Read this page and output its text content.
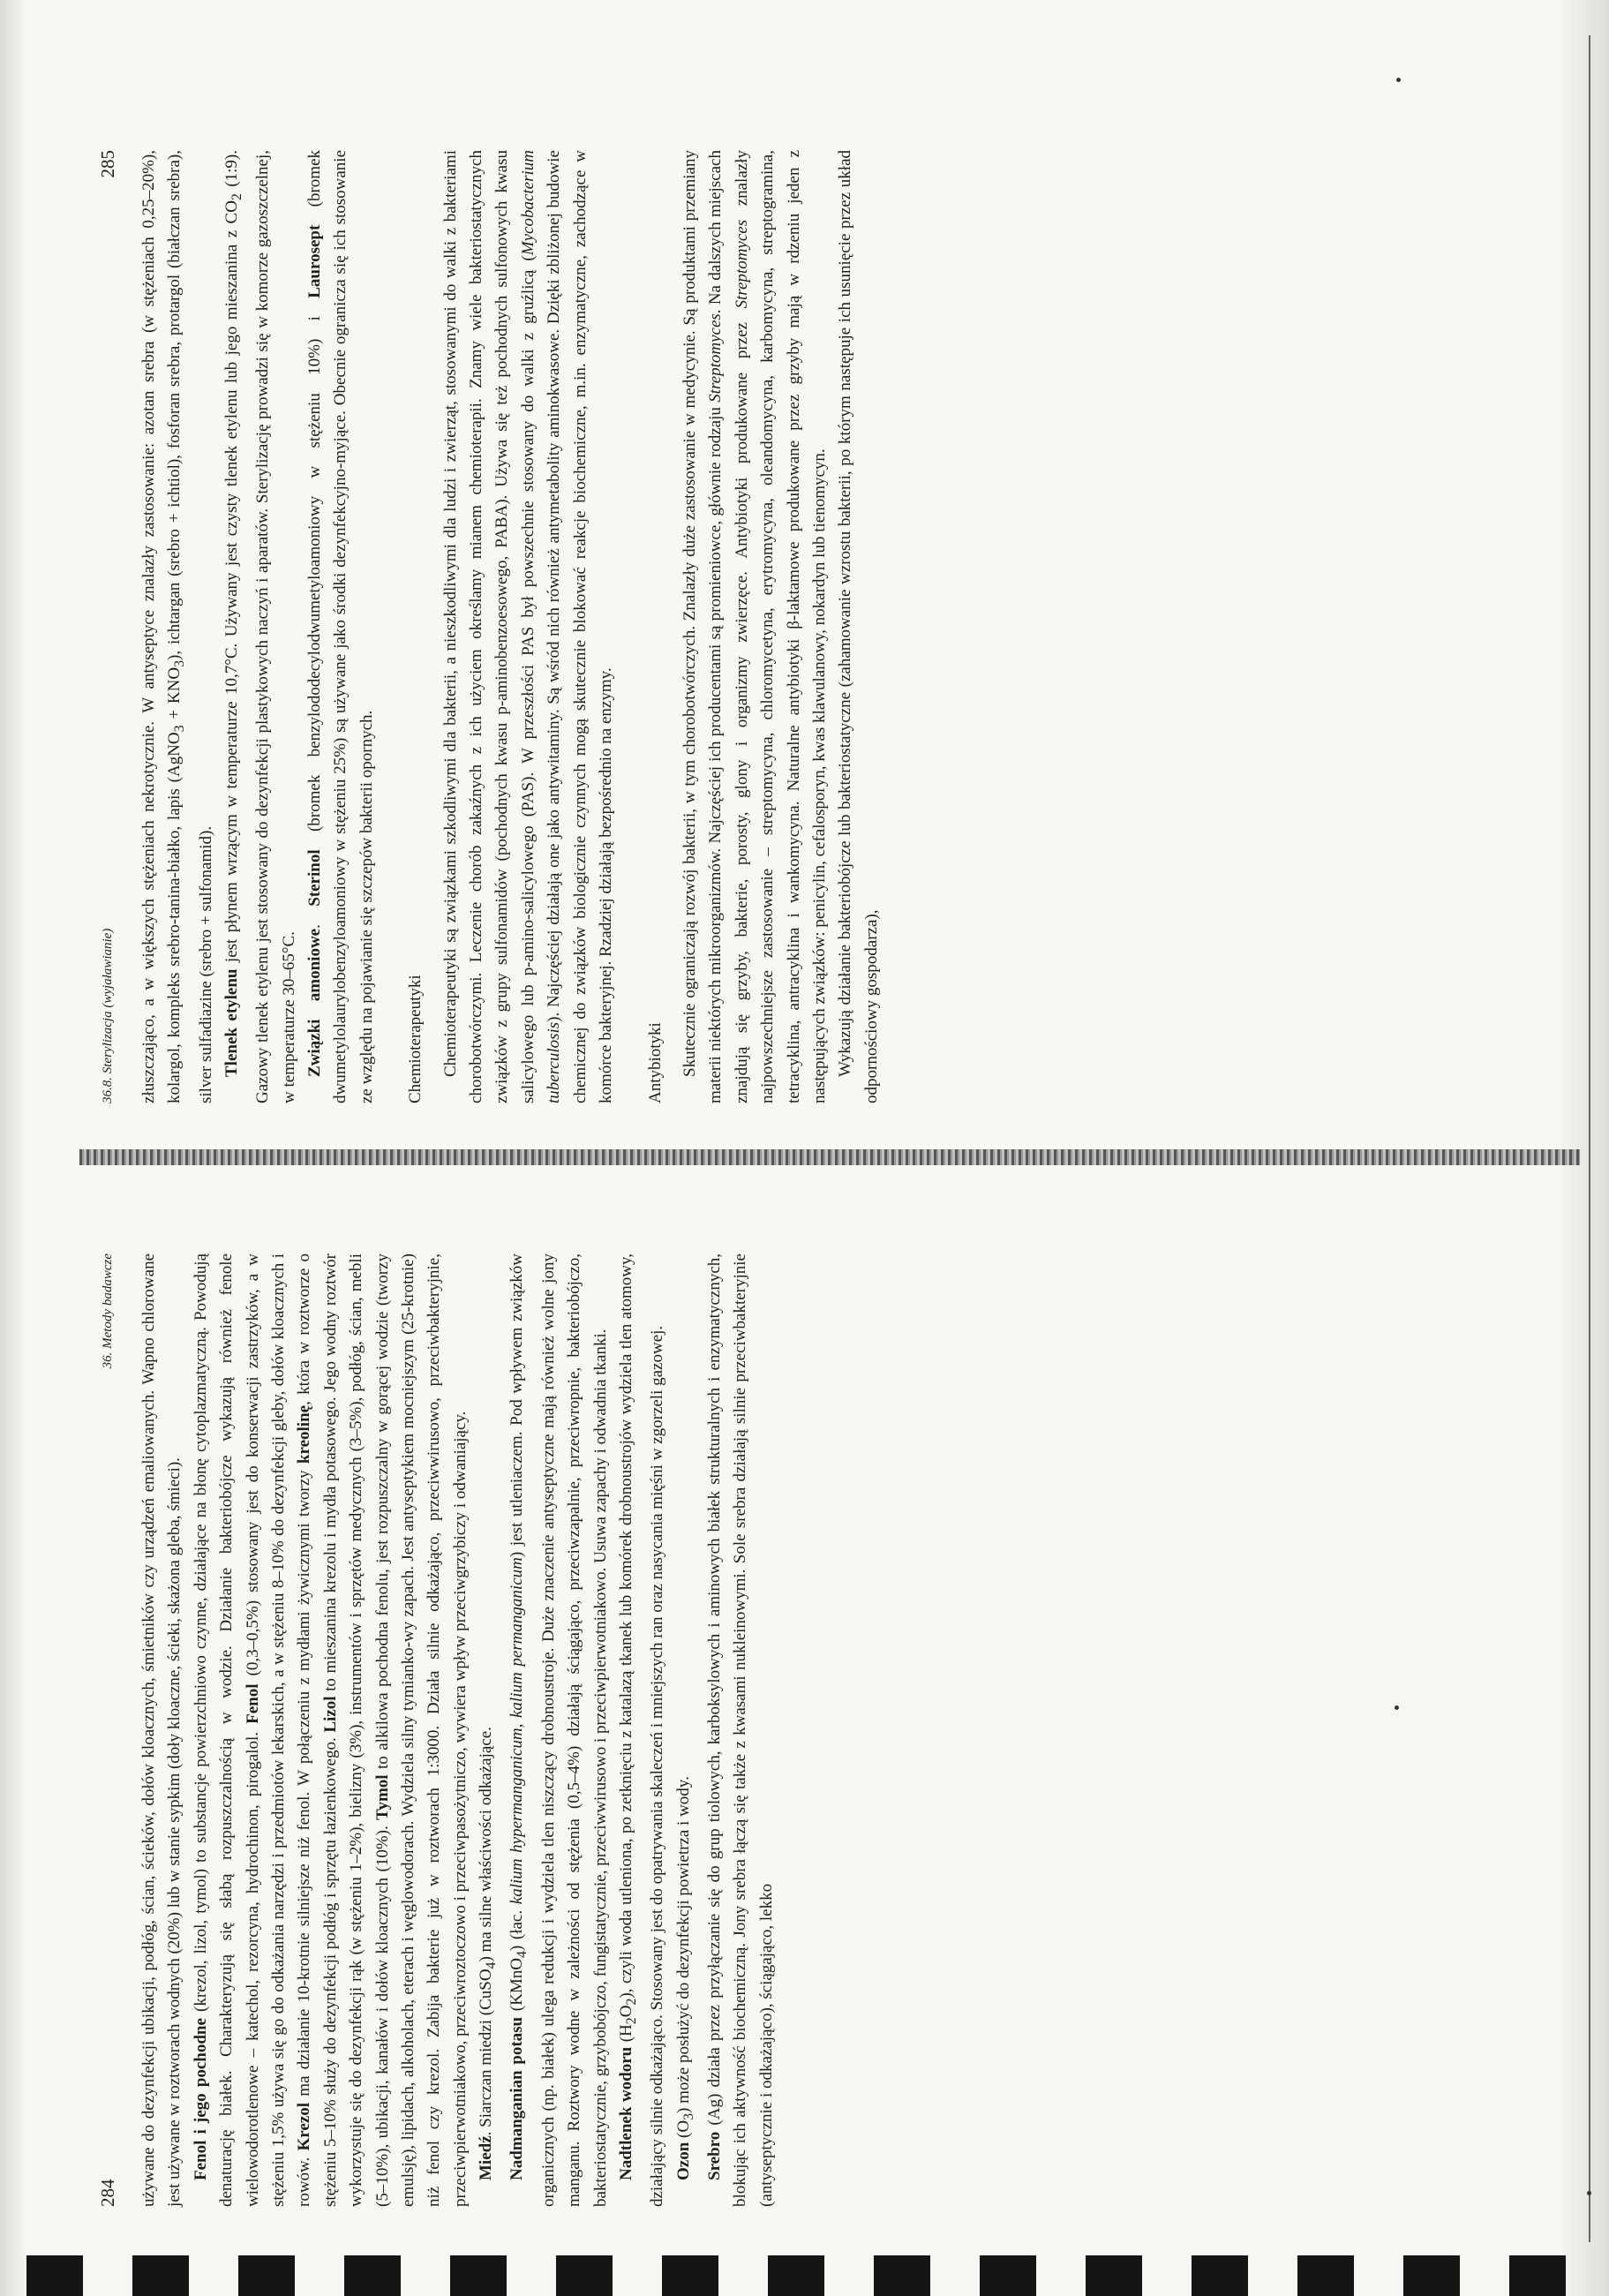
36.8. Sterylizacja (wyjaławianie)
285 złuszczająco, a w większych stężeniach nekrotycznie. W antyseptyce znalazły zastosowanie: azotan srebra (w stężeniach 0,25–20%), kolargol, kompleks srebro-tanina-białko, lapis (AgNO$_3$ + $KNO_3$), ichtargan (srebro + ichtiol), fosforan srebra, protargol (białczan srebra), silver sulfadiazine (srebro + sulfonamid). Tlenek etylenu jest płynem wrzącym w temperaturze 10,7°C. Używany jest czysty tlenek etylenu lub jego mieszanina z $CO_2$ (1:9). Gazowy tlenek etylenu jest stosowany do dezynfekcji plastykowych naczyń i aparatów. Sterylizację prowadzi się w komorze gazoszczelnej, w temperaturze 30–65°C. Związki amoniowe. Sterinol (bromek benzylododecylodwumetyloamoniowy w stężeniu 10%) i Laurosept (bromek dwumetylolaurylobenzyloamoniowy w stężeniu 25%) są używane jako środki dezynfekcyjno-myjące. Obecnie ogranicza się ich stosowanie ze względu na pojawianie się szczepów bakterii opornych. Chemioterapeutyki Chemioterapeutyki są związkami szkodliwymi dla bakterii, a nieszkodliwymi dla ludzi i zwierząt, stosowanymi do walki z bakteriami chorobotwórczymi. Leczenie chorób zakaźnych z ich użyciem określamy mianem chemioterapii. Znamy wiele bakteriostatycznych związków z grupy sulfonamidów (pochodnych kwasu p-aminobenzoesowego, PABA). Używa się też pochodnych sulfonowych kwasu salicylowego lub p-amino-salicylowego (PAS). W przeszłości PAS był powszechnie stosowany do walki z gruźlicą (Mycobacterium tuberculosis). Najczęściej działają one jako antywitaminy. Są wśród nich również antymetabolity aminokwasowe. Dzięki zbliżonej budowie chemicznej do związków biologicznie czynnych mogą skutecznie blokować reakcje biochemiczne, m.in. enzymatyczne, zachodzące w komórce bakteryjnej. Rzadziej działają bezpośrednio na enzymy. Antybiotyki Skutecznie ograniczają rozwój bakterii, w tym chorobotwórczych. Znalazły duże zastosowanie w medycynie. Są produktami przemiany materii niektórych mikroorganizmów. Najczęściej ich producentami są promieniowce, głównie rodzaju Streptomyces. Na dalszych miejscach znajdują się grzyby, bakterie, porosty, glony i organizmy zwierzęce. Antybiotyki produkowane przez Streptomyces znalazły najpowszechniejsze zastosowanie – streptomycyna, chloromycetyna, erytromycyna, oleandomycyna, karbomycyna, streptogramina, tetracyklina, antracyklina i wankomycyna. Naturalne antybiotyki β-laktamowe produkowane przez grzyby mają w rdzeniu jeden z następujących związków: penicylin, cefalosporyn, kwas klawulanowy, nokardyn lub tienomycyn. Wykazują działanie bakteriobójcze lub bakteriostatyczne (zahamowanie wzrostu bakterii, po którym następuje ich usunięcie przez układ odpornościowy gospodarza),

284
36. Metody badawcze używane do dezynfekcji ubikacji, podłóg, ścian, ścieków, dołów kloacznych, śmietników czy urządzeń emaliowanych. Wapno chlorowane jest używane w roztworach wodnych (20%) lub w stanie sypkim (doły kloaczne, ścieki, skażona gleba, śmieci). Fenol i jego pochodne (krezol, lizol, tymol) to substancje powierzchniowo czynne, działające na błonę cytoplazmatyczną. Powodują denaturację białek. Charakteryzują się słabą rozpuszczalnością w wodzie. Działanie bakteriobójcze wykazują również fenole wielowodorotlenowe – katechol, rezorcyna, hydrochinon, pirogalol. Fenol (0,3–0,5%) stosowany jest do konserwacji zastrzyków, a w stężeniu 1,5% używa się go do odkażania narzędzi i przedmiotów lekarskich, a w stężeniu 8–10% do dezynfekcji gleby, dołów kloacznych i rowów. Krezol ma działanie 10-krotnie silniejsze niż fenol. W połączeniu z mydłami żywicznymi tworzy kreolinę, która w roztworze o stężeniu 5–10% służy do dezynfekcji podłóg i sprzętu łazienkowego. Lizol to mieszanina krezolu i mydła potasowego. Jego wodny roztwór wykorzystuje się do dezynfekcji rąk (w stężeniu 1–2%), bielizny (3%), instrumentów i sprzętów medycznych (3–5%), podłóg, ścian, mebli (5–10%), ubikacji, kanałów i dołów kloacznych (10%). Tymol to alkilowa pochodna fenolu, jest rozpuszczalny w gorącej wodzie (tworzy emulsję), lipidach, alkoholach, eterach i węglowodorach. Wydziela silny tymianko-wy zapach. Jest antyseptykiem mocniejszym (25-krotnie) niż fenol czy krezol. Zabija bakterie już w roztworach 1:3000. Działa silnie odkażająco, przeciwwirusowo, przeciwbakteryjnie, przeciwpierwotniakowo, przeciwroztoczowo i przeciwpasożytniczo, wywiera wpływ przeciwgrzybiczy i odwaniający. Miedź. Siarczan miedzi (CuSO$_4$) ma silne właściwości odkażające.

Nadmanganian potasu (KMnO$_4$) (łac. kalium hypermanganicum, kalium permanganicum) jest utleniaczem. Pod wpływem związków organicznych (np. białek) ulega redukcji i wydziela tlen niszczący drobnoustroje. Duże znaczenie antyseptyczne mają również wolne jony manganu. Roztwory wodne w zależności od stężenia (0,5–4%) działają ściągająco, przeciwzapalnie, przeciwropnie, bakteriobójczo, bakteriostatycznie, grzybobójczo, fungistatycznie, przeciwwirusowo i przeciwpierwotniakowo. Usuwa zapachy i odwadnia tkanki. Nadtlenek wodoru $(H_2O_2)$, czyli woda utleniona, po zetknięciu z katalazą tkanek lub komórek drobnoustrojów wydziela tlen atomowy, działający silnie odkażająco. Stosowany jest do opatrywania skaleczeń i mniejszych ran oraz nasycania mięśni w zgorzeli gazowej. Ozon $(O_3)$ może posłużyć do dezynfekcji powietrza i wody.

Srebro (Ag) działa przez przyłączanie się do grup tiolowych, karboksylowych i aminowych białek strukturalnych i enzymatycznych, blokując ich aktywność biochemiczną. Jony srebra łączą się także z kwasami nukleinowymi. Sole srebra działają silnie przeciwbakteryjnie (antyseptycznie i odkażająco), ściągająco, lekko
